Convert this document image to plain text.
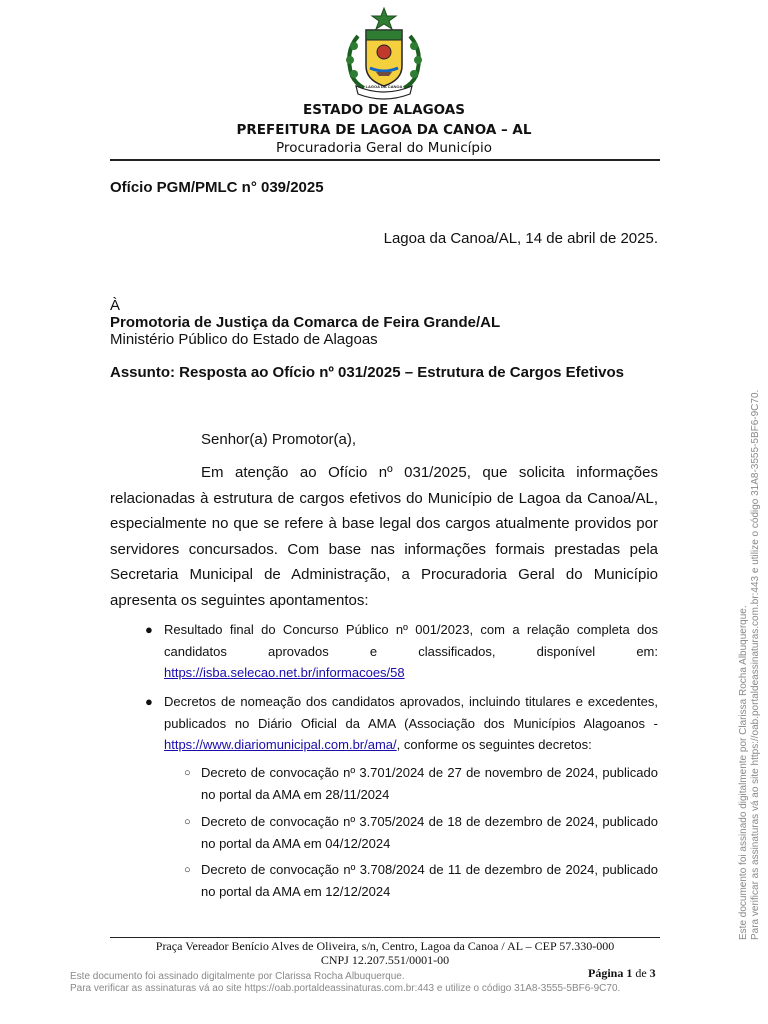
LAGOA DA CANOA
ESTADO DE ALAGOAS
PREFEITURA DE LAGOA DA CANOA – AL
Procuradoria Geral do Município
Ofício PGM/PMLC n° 039/2025
Lagoa da Canoa/AL, 14 de abril de 2025.
À
Promotoria de Justiça da Comarca de Feira Grande/AL
Ministério Público do Estado de Alagoas
Assunto: Resposta ao Ofício nº 031/2025 – Estrutura de Cargos Efetivos
Senhor(a) Promotor(a),
Em atenção ao Ofício nº 031/2025, que solicita informações
relacionadas à estrutura de cargos efetivos do Município de Lagoa da Canoa/AL,
especialmente no que se refere à base legal dos cargos atualmente providos por
servidores concursados. Com base nas informações formais prestadas pela
Secretaria Municipal de Administração, a Procuradoria Geral do Município
apresenta os seguintes apontamentos:
● Resultado final do Concurso Público nº 001/2023, com a relação completa dos
candidatos aprovados e classificados, disponível em:
https://isba.selecao.net.br/informacoes/58
● Decretos de nomeação dos candidatos aprovados, incluindo titulares e excedentes,
publicados no Diário Oficial da AMA (Associação dos Municípios Alagoanos -
https://www.diariomunicipal.com.br/ama/, conforme os seguintes decretos:
○ Decreto de convocação nº 3.701/2024 de 27 de novembro de 2024, publicado
no portal da AMA em 28/11/2024
○ Decreto de convocação nº 3.705/2024 de 18 de dezembro de 2024, publicado
no portal da AMA em 04/12/2024
○ Decreto de convocação nº 3.708/2024 de 11 de dezembro de 2024, publicado
no portal da AMA em 12/12/2024
Praça Vereador Benício Alves de Oliveira, s/n, Centro, Lagoa da Canoa / AL – CEP 57.330-000
CNPJ 12.207.551/0001-00
Página 1 de 3
Este documento foi assinado digitalmente por Clarissa Rocha Albuquerque.
Para verificar as assinaturas vá ao site https://oab.portaldeassinaturas.com.br:443 e utilize o código 31A8-3555-5BF6-9C70.
Este documento foi assinado digitalmente por Clarissa Rocha Albuquerque. Para verificar as assinaturas vá ao site https://oab.portaldeassinaturas.com.br:443 e utilize o código 31A8-3555-5BF6-9C70.
